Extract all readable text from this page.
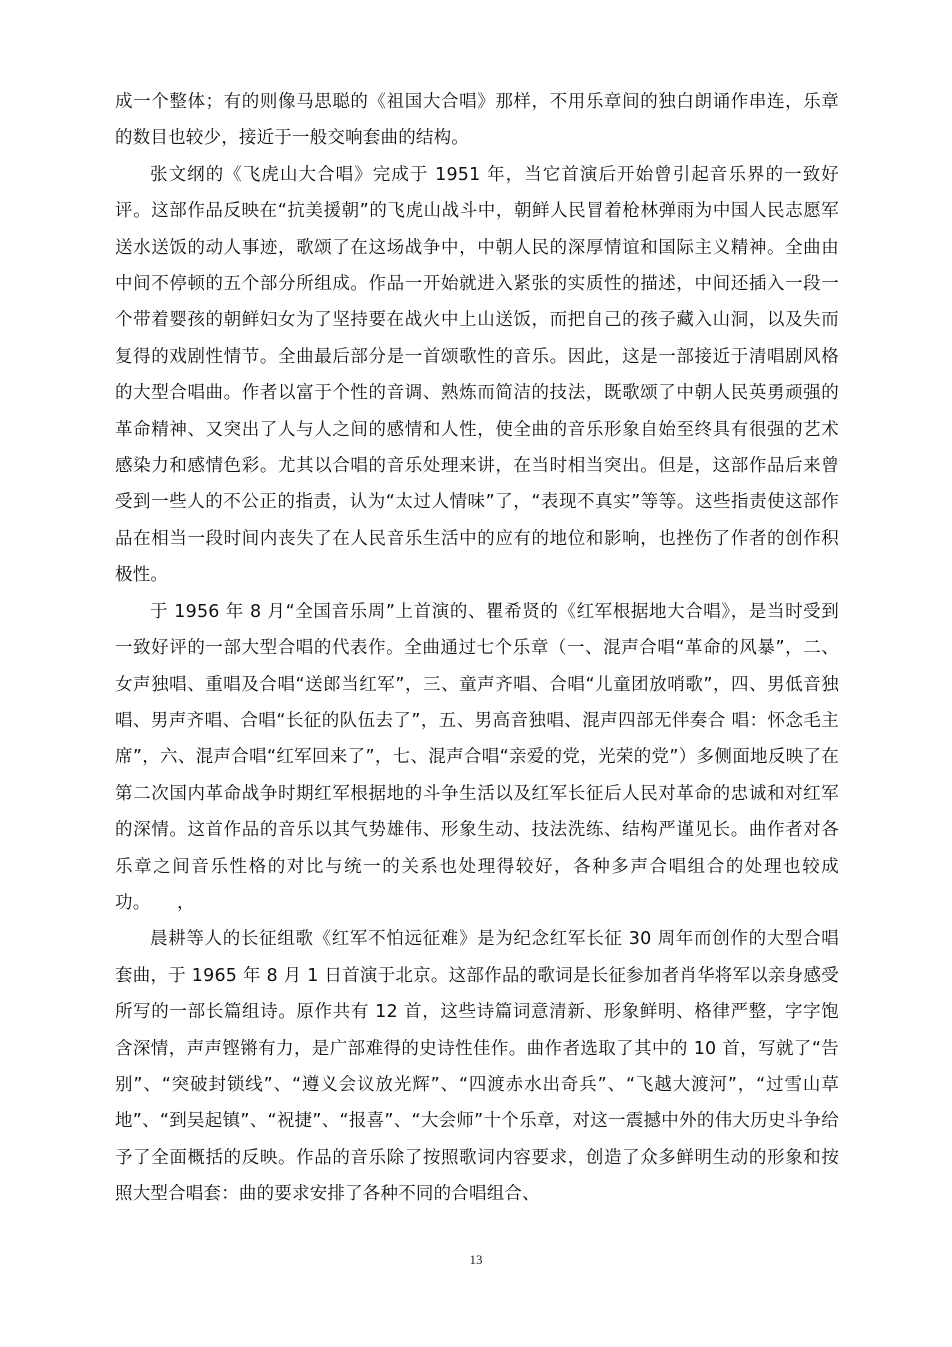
成一个整体；有的则像马思聪的《祖国大合唱》那样，不用乐章间的独白朗诵作串连，乐章的数目也较少，接近于一般交响套曲的结构。

张文纲的《飞虎山大合唱》完成于 1951 年，当它首演后开始曾引起音乐界的一致好评。这部作品反映在“抗美援朝”的飞虎山战斗中，朝鲜人民冒着枪林弹雨为中国人民志愿军送水送饭的动人事迹，歌颂了在这场战争中，中朝人民的深厚情谊和国际主义精神。全曲由中间不停顿的五个部分所组成。作品一开始就进入紧张的实质性的描述，中间还插入一段一个带着婴孩的朝鲜妇女为了坚持要在战火中上山送饭，而把自己的孩子藏入山洞，以及失而复得的戏剧性情节。全曲最后部分是一首颂歌性的音乐。因此，这是一部接近于清唱剧风格的大型合唱曲。作者以富于个性的音调、熟炼而简洁的技法，既歌颂了中朝人民英勇顽强的革命精神、又突出了人与人之间的感情和人性，使全曲的音乐形象自始至终具有很强的艺术感染力和感情色彩。尤其以合唱的音乐处理来讲，在当时相当突出。但是，这部作品后来曾受到一些人的不公正的指责，认为“太过人情味”了，“表现不真实”等等。这些指责使这部作品在相当一段时间内丧失了在人民音乐生活中的应有的地位和影响，也挫伤了作者的创作积极性。

于 1956 年 8 月“全国音乐周”上首演的、瞿希贤的《红军根据地大合唱》，是当时受到一致好评的一部大型合唱的代表作。全曲通过七个乐章（一、混声合唱“革命的风暴”，二、女声独唱、重唱及合唱“送郎当红军”，三、童声齐唱、合唱“儿童团放哨歌”，四、男低音独唱、男声齐唱、合唱“长征的队伍去了”，五、男高音独唱、混声四部无伴奏合 唱：怀念毛主席”，六、混声合唱“红军回来了”，七、混声合唱“亲爱的党，光荣的党”）多侧面地反映了在第二次国内革命战争时期红军根据地的斗争生活以及红军长征后人民对革命的忠诚和对红军的深情。这首作品的音乐以其气势雄伟、形象生动、技法洗练、结构严谨见长。曲作者对各乐章之间音乐性格的对比与统一的关系也处理得较好，各种多声合唱组合的处理也较成功。　　，

晨耕等人的长征组歌《红军不怕远征难》是为纪念红军长征 30 周年而创作的大型合唱套曲，于 1965 年 8 月 1 日首演于北京。这部作品的歌词是长征参加者肖华将军以亲身感受所写的一部长篇组诗。原作共有 12 首，这些诗篇词意清新、形象鲜明、格律严整，字字饱含深情，声声铿锵有力，是广部难得的史诗性佳作。曲作者选取了其中的 10 首，写就了“告别”、“突破封锁线”、“遵义会议放光辉”、“四渡赤水出奇兵”、“飞越大渡河”，“过雪山草地”、“到吴起镇”、“祝捷”、“报喜”、“大会师”十个乐章，对这一震撼中外的伟大历史斗争给予了全面概括的反映。作品的音乐除了按照歌词内容要求，创造了众多鲜明生动的形象和按照大型合唱套：曲的要求安排了各种不同的合唱组合、

13
